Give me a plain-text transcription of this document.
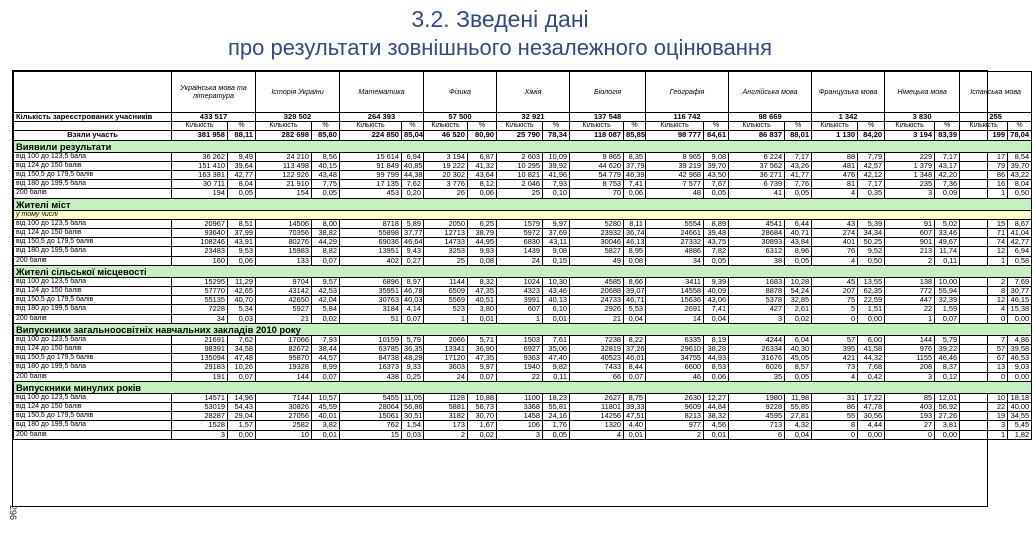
3.2. Зведені дані
про результати зовнішнього незалежного оцінювання
296
	Українська мова та література		Історія України		Математика		Фізика		Хімія		Біологія		Географія		Англійська мова		Французька мова		Німецька мова		Іспанська мова	
Кількість зареєстрованих учасників	433 517		329 502		264 393		57 500		32 921		137 548		116 742		98 669		1 342		3 830		255	
	Кількість	%	Кількість	%	Кількість	%	Кількість	%	Кількість	%	Кількість	%	Кількість	%	Кількість	%	Кількість	%	Кількість	%	Кількість	%
Взяли участь	381 958	88,11	282 698	85,80	224 850	85,04	46 520	80,90	25 790	78,34	118 087	85,85	98 777	84,61	86 837	88,01	1 130	84,20	3 194	83,39	199	78,04
Виявили результати																						
від 100 до 123,5 бала	36 262	9,49	24 210	8,56	15 614	6,94	3 194	6,87	2 603	10,09	9 865	8,35	8 965	9,08	6 224	7,17	88	7,79	229	7,17	17	8,54
від 124 до 150 балів	151 410	39,64	113 498	40,15	91 849	40,85	19 222	41,32	10 295	39,92	44 620	37,79	39 219	39,70	37 562	43,26	481	42,57	1 379	43,17	79	39,70
від 150,5 до 179,5 балів	163 381	42,77	122 926	43,48	99 799	44,38	20 302	43,64	10 821	41,96	54 779	46,39	42 968	43,50	36 271	41,77	476	42,12	1 348	42,20	86	43,22
від 180 до 199,5 бала	30 711	8,04	21 910	7,75	17 135	7,62	3 776	8,12	2 046	7,93	8 753	7,41	7 577	7,67	6 739	7,76	81	7,17	235	7,36	16	8,04
200 балів	194	0,05	154	0,05	453	0,20	26	0,06	25	0,10	70	0,06	48	0,05	41	0,05	4	0,35	3	0,09	1	0,50
Жителі міст																						
у тому числі																						
від 100 до 123,5 бала	20967	8,51	14506	8,00	8718	5,89	2050	6,25	1579	9,97	5280	8,11	5554	8,89	4541	6,44	43	5,39	91	5,02	15	8,67
від 124 до 150 балів	93640	37,99	70356	38,82	55898	37,77	12713	38,79	5972	37,69	23932	36,74	24661	39,48	28684	40,71	274	34,34	607	33,46	71	41,04
від 150,5 до 179,5 балів	108246	43,91	80276	44,29	69036	46,64	14733	44,95	6830	43,11	30046	46,13	27332	43,75	30893	43,84	401	50,25	901	49,67	74	42,77
від 180 до 199,5 бала	23483	9,53	15983	8,82	13951	9,43	3253	9,93	1439	9,08	5827	8,95	4886	7,82	6312	8,96	76	9,52	213	11,74	12	6,94
200 балів	160	0,06	133	0,07	402	0,27	25	0,08	24	0,15	49	0,08	34	0,05	38	0,05	4	0,50	2	0,11	1	0,58
Жителі сільської місцевості																						
від 100 до 123,5 бала	15295	11,29	9704	9,57	6896	8,97	1144	8,32	1024	10,30	4585	8,66	3411	9,39	1683	10,28	45	13,55	138	10,00	2	7,69
від 124 до 150 балів	57770	42,65	43142	42,53	35951	46,78	6509	47,35	4323	43,46	20688	39,07	14558	40,09	8878	54,24	207	62,35	772	55,94	8	30,77
від 150,5 до 179,5 балів	55135	40,70	42650	42,04	30763	40,03	5569	40,51	3991	40,13	24733	46,71	15636	43,06	5378	32,85	75	22,59	447	32,39	12	46,15
від 180 до 199,5 бала	7228	5,34	5927	5,84	3184	4,14	523	3,80	607	6,10	2926	5,53	2691	7,41	427	2,61	5	1,51	22	1,59	4	15,38
200 балів	34	0,03	21	0,02	51	0,07	1	0,01	1	0,01	21	0,04	14	0,04	3	0,02	0	0,00	1	0,07	0	0,00
Випускники загальноосвітніх навчальних закладів 2010 року																						
від 100 до 123,5 бала	21691	7,62	17066	7,93	10159	5,79	2066	5,71	1503	7,61	7238	8,22	6335	8,19	4244	6,04	57	6,00	144	5,79	7	4,86
від 124 до 150 балів	98391	34,58	82672	38,44	63785	36,35	13341	36,90	6927	35,06	32819	37,26	29610	38,28	26334	40,30	395	41,58	976	39,22	57	39,58
від 150,5 до 179,5 балів	135094	47,48	95870	44,57	84738	48,29	17120	47,35	9363	47,40	40523	46,01	34755	44,93	31676	45,05	421	44,32	1155	46,46	67	46,53
від 180 до 199,5 бала	29183	10,26	19328	8,99	16373	9,33	3603	9,97	1940	9,82	7433	8,44	6600	8,53	6026	8,57	73	7,68	208	8,37	13	9,03
200 балів	191	0,07	144	0,07	438	0,25	24	0,07	22	0,11	66	0,07	46	0,06	35	0,05	4	0,42	3	0,12	0	0,00
Випускники минулих років																						
від 100 до 123,5 бала	14571	14,96	7144	10,57	5455	11,05	1128	10,88	1100	18,23	2627	8,75	2630	12,27	1980	11,98	31	17,22	85	12,01	10	18,18
від 124 до 150 балів	53019	54,43	30826	45,59	28064	56,86	5881	56,73	3368	55,81	11801	39,33	9609	44,84	9228	55,85	86	47,78	403	56,92	22	40,00
від 150,5 до 179,5 балів	28287	29,04	27056	40,01	15061	30,51	3182	30,70	1458	24,16	14256	47,51	8213	38,32	4595	27,81	55	30,56	193	27,26	19	34,55
від 180 до 199,5 бала	1528	1,57	2582	3,82	762	1,54	173	1,67	106	1,76	1320	4,40	977	4,56	713	4,32	8	4,44	27	3,81	3	5,45
200 балів	3	0,00	10	0,01	15	0,03	2	0,02	3	0,05	4	0,01	2	0,01	6	0,04	0	0,00	0	0,00	1	1,82
